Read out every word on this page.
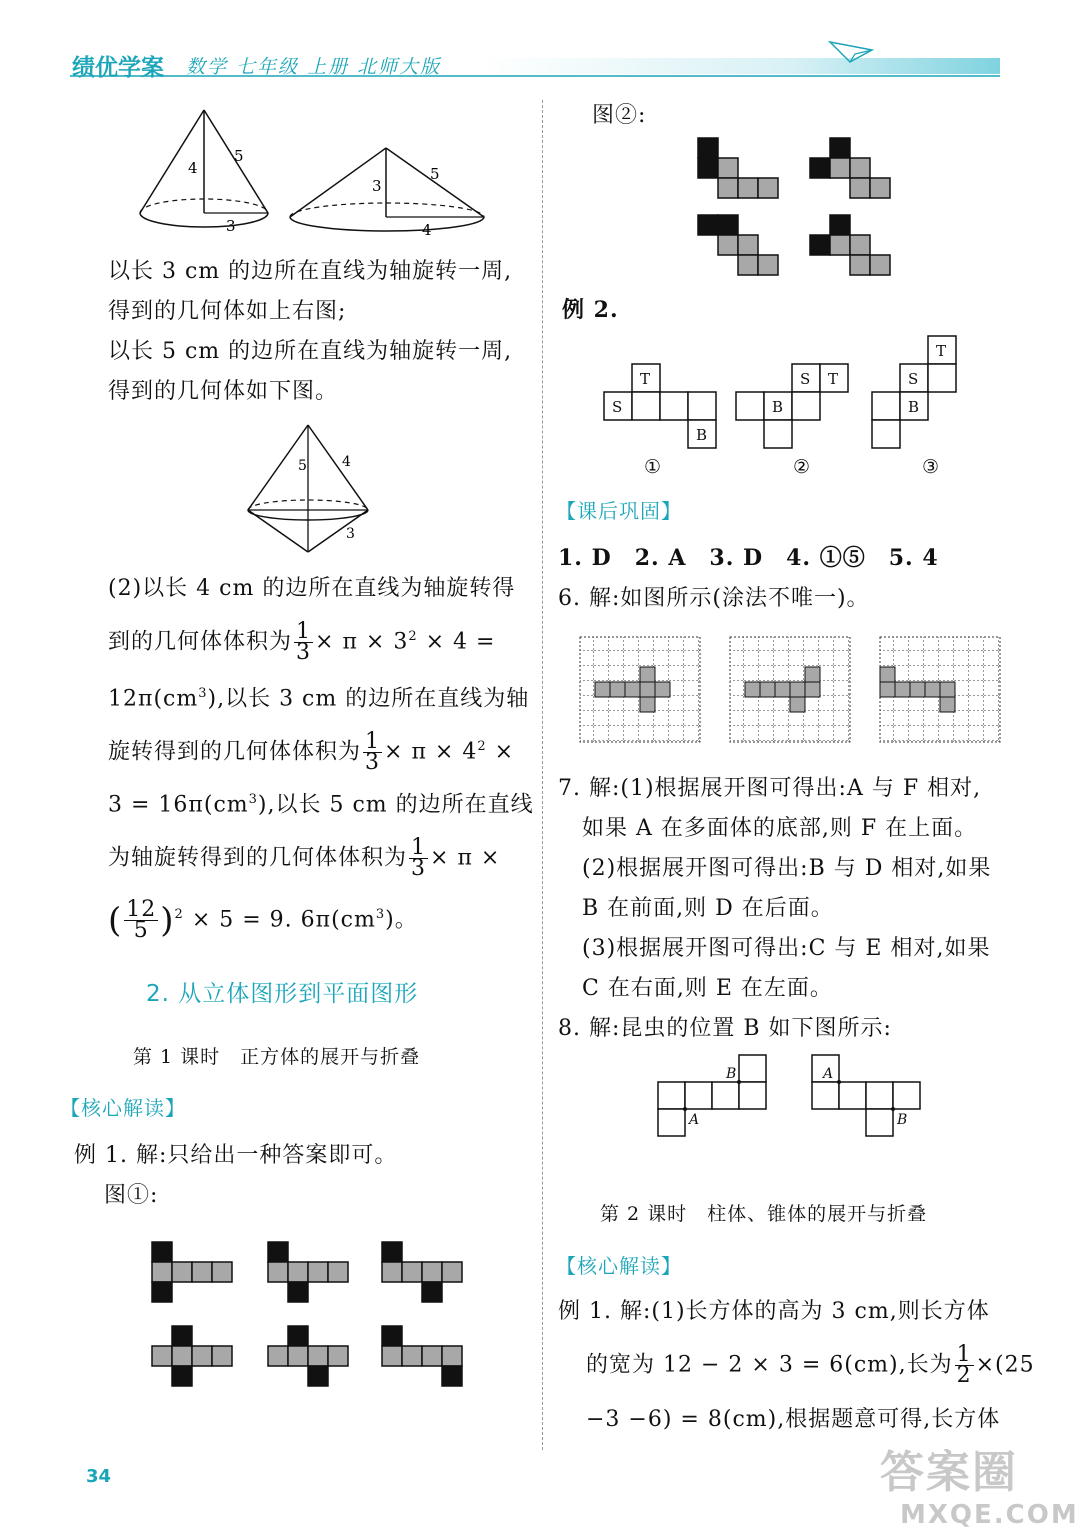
绩优学案 数学 七年级 上册 北师大版
4
5
3
3
5
4
以长 3 cm 的边所在直线为轴旋转一周,
得到的几何体如上右图;
以长 5 cm 的边所在直线为轴旋转一周,
得到的几何体如下图。
5	4
3
(2)以长 4 cm 的边所在直线为轴旋转得
到的几何体体积为 $\frac{1}{3} \times \pi \times 3^2 \times 4$ =
$12\pi(cm^3)$,以长 3 cm 的边所在直线为轴
旋转得到的几何体体积为 $\frac{1}{3} \times \pi \times 4^2$ ×
$3 = 16\pi(cm^3)$,以长 5 cm 的边所在直线
为轴旋转得到的几何体体积为 $\frac{1}{3} \times \pi$ ×
( $\frac{12}{5} )^2 \times 5 = 9$. $6\pi(cm^3)$。
2. 从立体图形到平面图形
第 1 课时　正方体的展开与折叠
【核心解读】
例 1. 解:只给出一种答案即可。
图①:
34
图②:
例 2.
T
S
B
S T
B
T
S
B
①	②	③
【课后巩固】
1. D　2. A　3. D　4. ①⑤　5. 4
6. 解:如图所示(涂法不唯一)。
7. 解:(1)根据展开图可得出:A 与 F 相对,
如果 A 在多面体的底部,则 F 在上面。
(2)根据展开图可得出:B 与 D 相对,如果
B 在前面,则 D 在后面。
(3)根据展开图可得出:C 与 E 相对,如果
C 在右面,则 E 在左面。
8. 解:昆虫的位置 B 如下图所示:
B
A
A
B
第 2 课时　柱体、锥体的展开与折叠
【核心解读】
例 1. 解:(1)长方体的高为 3 cm,则长方体
的宽为 12 − 2 × 3 = 6(cm),长为 $\frac{1}{2} \times(25$
−3 −6) = 8(cm),根据题意可得,长方体
答案圈
MXQE.COM
